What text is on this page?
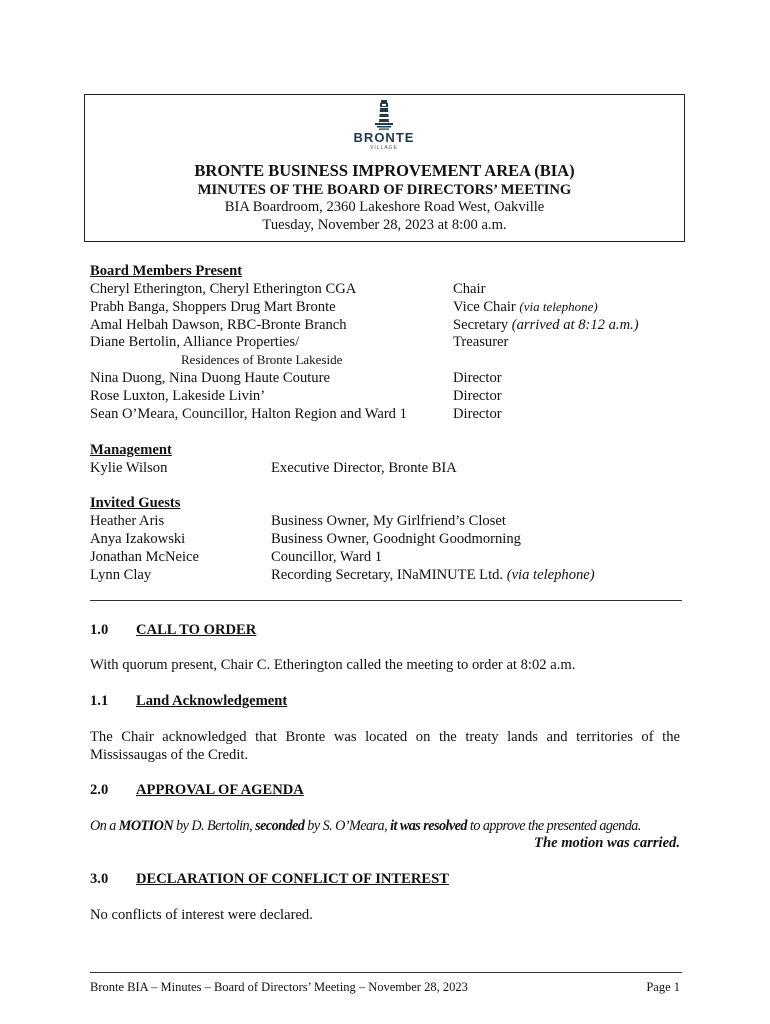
BRONTE
VILLAGE
BRONTE BUSINESS IMPROVEMENT AREA (BIA)
MINUTES OF THE BOARD OF DIRECTORS’ MEETING
BIA Boardroom, 2360 Lakeshore Road West, Oakville
Tuesday, November 28, 2023 at 8:00 a.m.
Board Members Present
Cheryl Etherington, Cheryl Etherington CGA	Chair
Prabh Banga, Shoppers Drug Mart Bronte	Vice Chair (via telephone)
Amal Helbah Dawson, RBC-Bronte Branch	Secretary (arrived at 8:12 a.m.)
Diane Bertolin, Alliance Properties/	Treasurer
Residences of Bronte Lakeside
Nina Duong, Nina Duong Haute Couture	Director
Rose Luxton, Lakeside Livin’	Director
Sean O’Meara, Councillor, Halton Region and Ward 1	Director
Management
Kylie Wilson	Executive Director, Bronte BIA
Invited Guests
Heather Aris	Business Owner, My Girlfriend’s Closet
Anya Izakowski	Business Owner, Goodnight Goodmorning
Jonathan McNeice	Councillor, Ward 1
Lynn Clay	Recording Secretary, INaMINUTE Ltd. (via telephone)
1.0 CALL TO ORDER
With quorum present, Chair C. Etherington called the meeting to order at 8:02 a.m.
1.1 Land Acknowledgement
The Chair acknowledged that Bronte was located on the treaty lands and territories of the Mississaugas of the Credit.
2.0 APPROVAL OF AGENDA
On a MOTION by D. Bertolin, seconded by S. O’Meara, it was resolved to approve the presented agenda.
The motion was carried.
3.0 DECLARATION OF CONFLICT OF INTEREST
No conflicts of interest were declared.
Bronte BIA – Minutes – Board of Directors’ Meeting – November 28, 2023	Page 1
